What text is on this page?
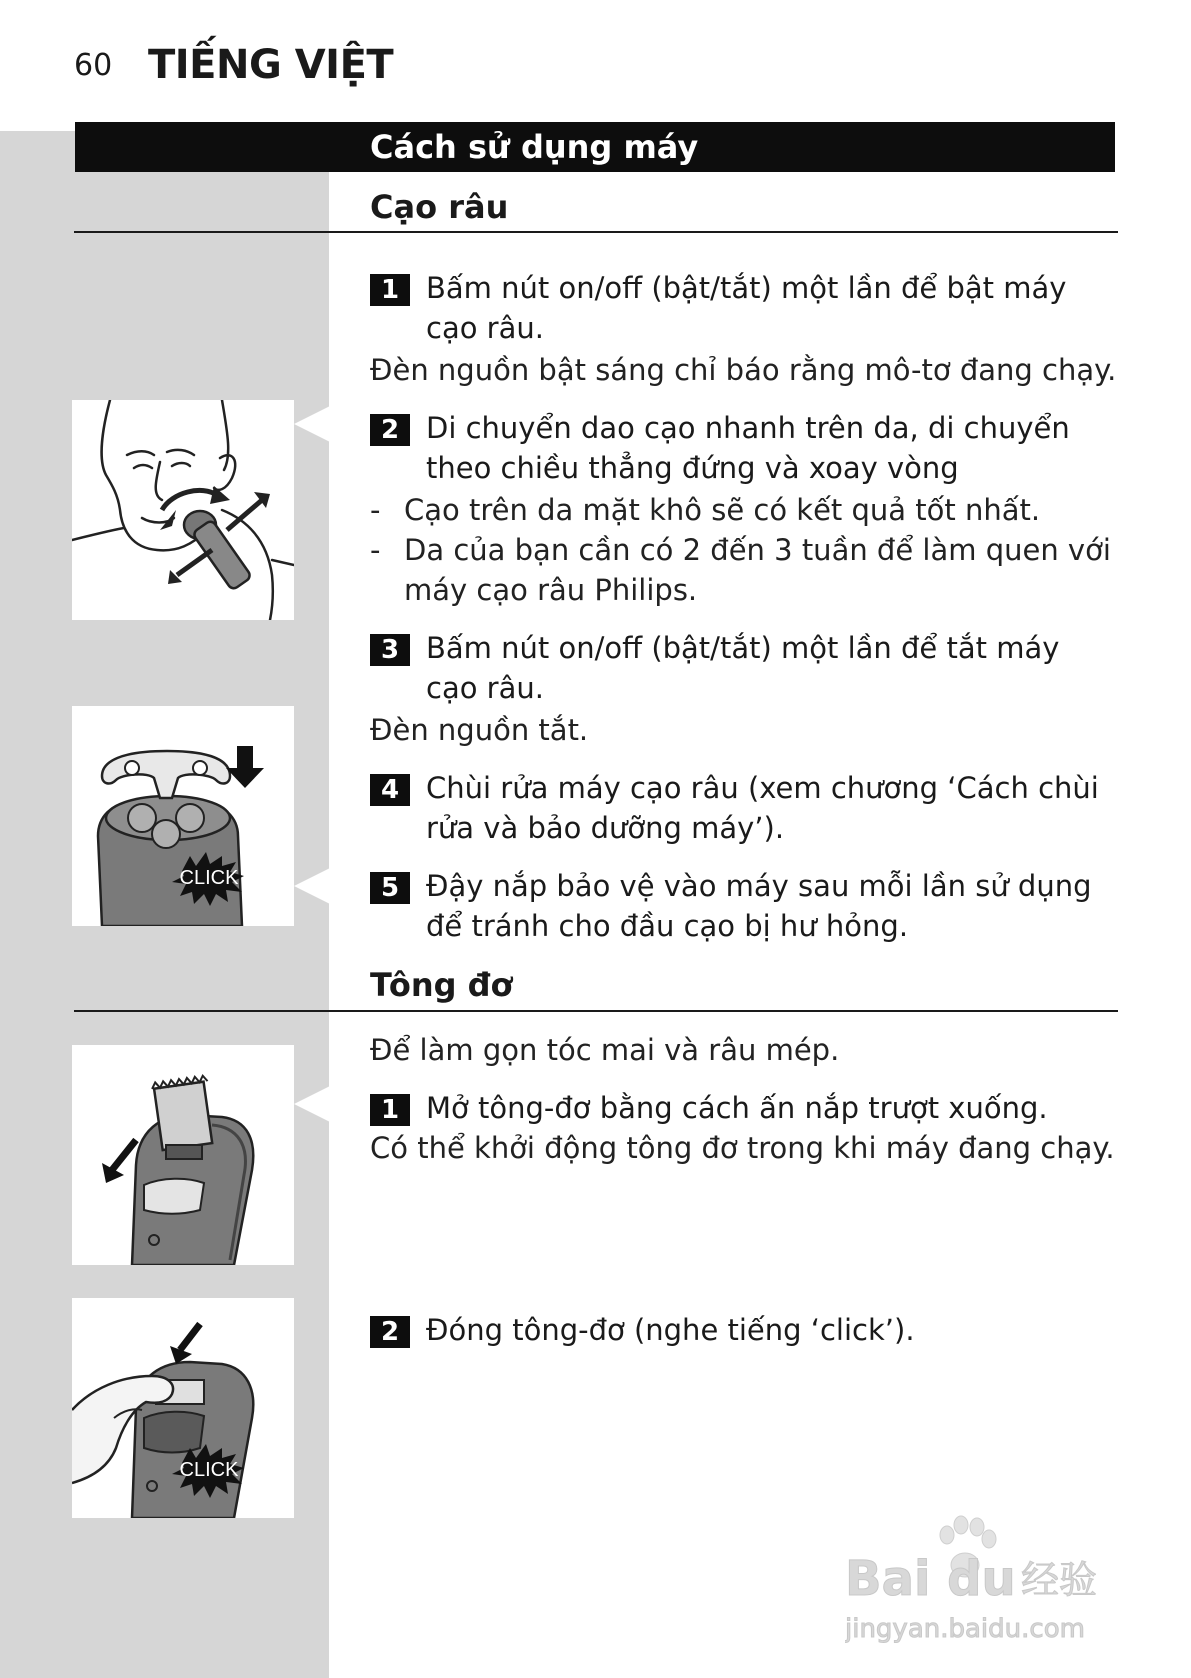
60 TIẾNG VIỆT
Cách sử dụng máy
Cạo râu
1 Bấm nút on/off (bật/tắt) một lần để bật máy cạo râu.
Đèn nguồn bật sáng chỉ báo rằng mô-tơ đang chạy.
2 Di chuyển dao cạo nhanh trên da, di chuyển theo chiều thẳng đứng và xoay vòng
- Cạo trên da mặt khô sẽ có kết quả tốt nhất.
- Da của bạn cần có 2 đến 3 tuần để làm quen với máy cạo râu Philips.
3 Bấm nút on/off (bật/tắt) một lần để tắt máy cạo râu.
Đèn nguồn tắt.
4 Chùi rửa máy cạo râu (xem chương ‘Cách chùi rửa và bảo dưỡng máy’).
5 Đậy nắp bảo vệ vào máy sau mỗi lần sử dụng để tránh cho đầu cạo bị hư hỏng.
Tông đơ
Để làm gọn tóc mai và râu mép.
1 Mở tông-đơ bằng cách ấn nắp trượt xuống.
Có thể khởi động tông đơ trong khi máy đang chạy.
2 Đóng tông-đơ (nghe tiếng ‘click’).
CLICK
CLICK
Bai du 经验
jingyan.baidu.com
